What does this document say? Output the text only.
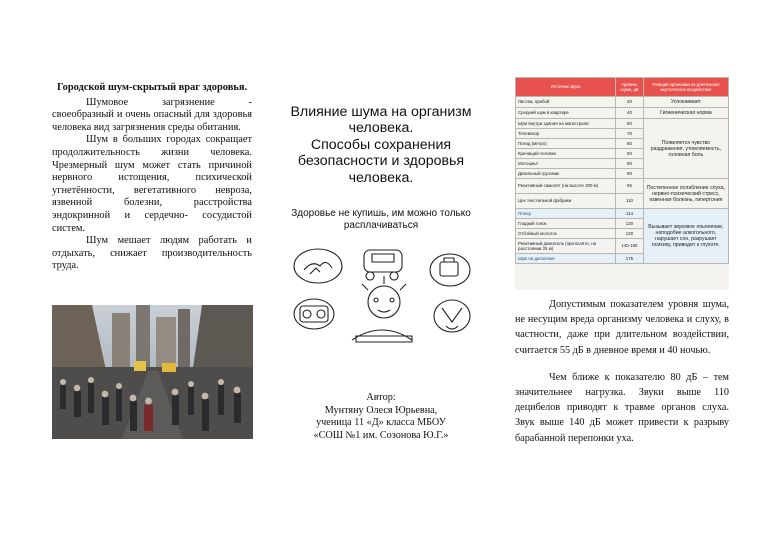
Городской шум-скрытый враг здоровья.

Шумовое загрязнение - своеобразный и очень опасный для здоровья человека вид загрязнения среды обитания.

Шум в больших городах сокращает продолжительность жизни человека. Чрезмерный шум может стать причиной нервного истощения, психической угнетённости, вегетативного невроза, язвенной болезни, расстройства эндокринной и сердечно- сосудистой систем.

Шум мешает людям работать и отдыхать, снижает производительность труда.

Влияние шума на организм
человека.
Способы сохранения
безопасности и здоровья
человека.
Здоровье не купишь, им можно только расплачиваться
Автор:
Мунтяну Олеся Юрьевна,
ученица 11 «Д» класса МБОУ
«СОШ №1 им. Созонова Ю.Г.»
Источник звука	Уровень шума, дБ	Реакция организма на длительное акустическое воздействие
Листва, прибой	20	Успокаивает
Средний шум в квартире	40	Гигиеническая норма
Шум внутри здания на магистрали	60	Появляется чувство раздражения, утомляемость, головная боль
Телевизор	70	
Поезд (метро)	80	
Кричащий человек	80	
Мотоцикл	90	
Дизельный грузовик	90	
Реактивный самолёт (на высоте 300 м)	95	Постепенное ослабление слуха, нервно-психический стресс, язвенная болезнь, гипертония
Цех текстильной фабрики	110	
Плеер	114	Вызывает звуковое опьянение, наподобие алкогольного, нарушает сон, разрушает психику, приводит к глухоте.
Гладкий гонок	120	
Отбойный молоток	120	
Реактивный двигатель (при взлёте, на расстоянии 25 м)	140-150	
Шум на дискотеке	175	

Допустимым показателем уровня шума, не несущим вреда организму человека и слуху, в частности, даже при длительном воздействии, считается 55 дБ в дневное время и 40 ночью.

Чем ближе к показателю 80 дБ – тем значительнее нагрузка. Звуки выше 110 децибелов приводят к травме органов слуха. Звук выше 140 дБ может привести к разрыву барабанной перепонки уха.
